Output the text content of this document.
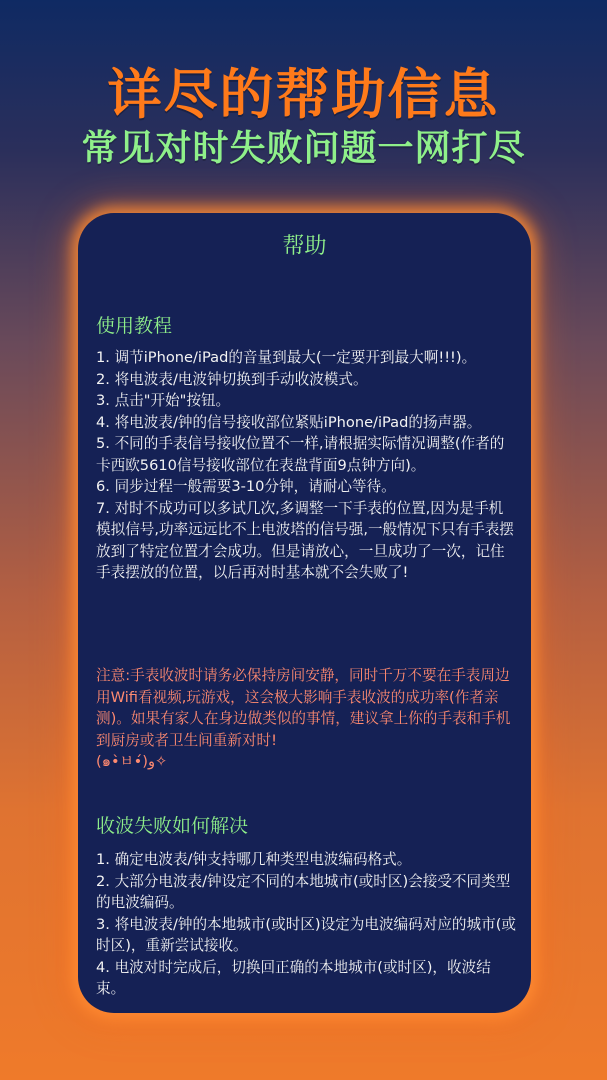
详尽的帮助信息
常见对时失败问题一网打尽
帮助
使用教程

1. 调节iPhone/iPad的音量到最大(一定要开到最大啊!!!)。

2. 将电波表/电波钟切换到手动收波模式。

3. 点击"开始"按钮。

4. 将电波表/钟的信号接收部位紧贴iPhone/iPad的扬声器。

5. 不同的手表信号接收位置不一样,请根据实际情况调整(作者的卡西欧5610信号接收部位在表盘背面9点钟方向)。

6. 同步过程一般需要3-10分钟，请耐心等待。

7. 对时不成功可以多试几次,多调整一下手表的位置,因为是手机模拟信号,功率远远比不上电波塔的信号强,一般情况下只有手表摆放到了特定位置才会成功。但是请放心，一旦成功了一次，记住手表摆放的位置，以后再对时基本就不会失败了!

注意:手表收波时请务必保持房间安静，同时千万不要在手表周边用Wifi看视频,玩游戏，这会极大影响手表收波的成功率(作者亲测)。如果有家人在身边做类似的事情，建议拿上你的手表和手机到厨房或者卫生间重新对时!

(๑•̀ㅂ•́)و✧

收波失败如何解决

1. 确定电波表/钟支持哪几种类型电波编码格式。

2. 大部分电波表/钟设定不同的本地城市(或时区)会接受不同类型的电波编码。

3. 将电波表/钟的本地城市(或时区)设定为电波编码对应的城市(或时区)，重新尝试接收。

4. 电波对时完成后，切换回正确的本地城市(或时区)，收波结束。
